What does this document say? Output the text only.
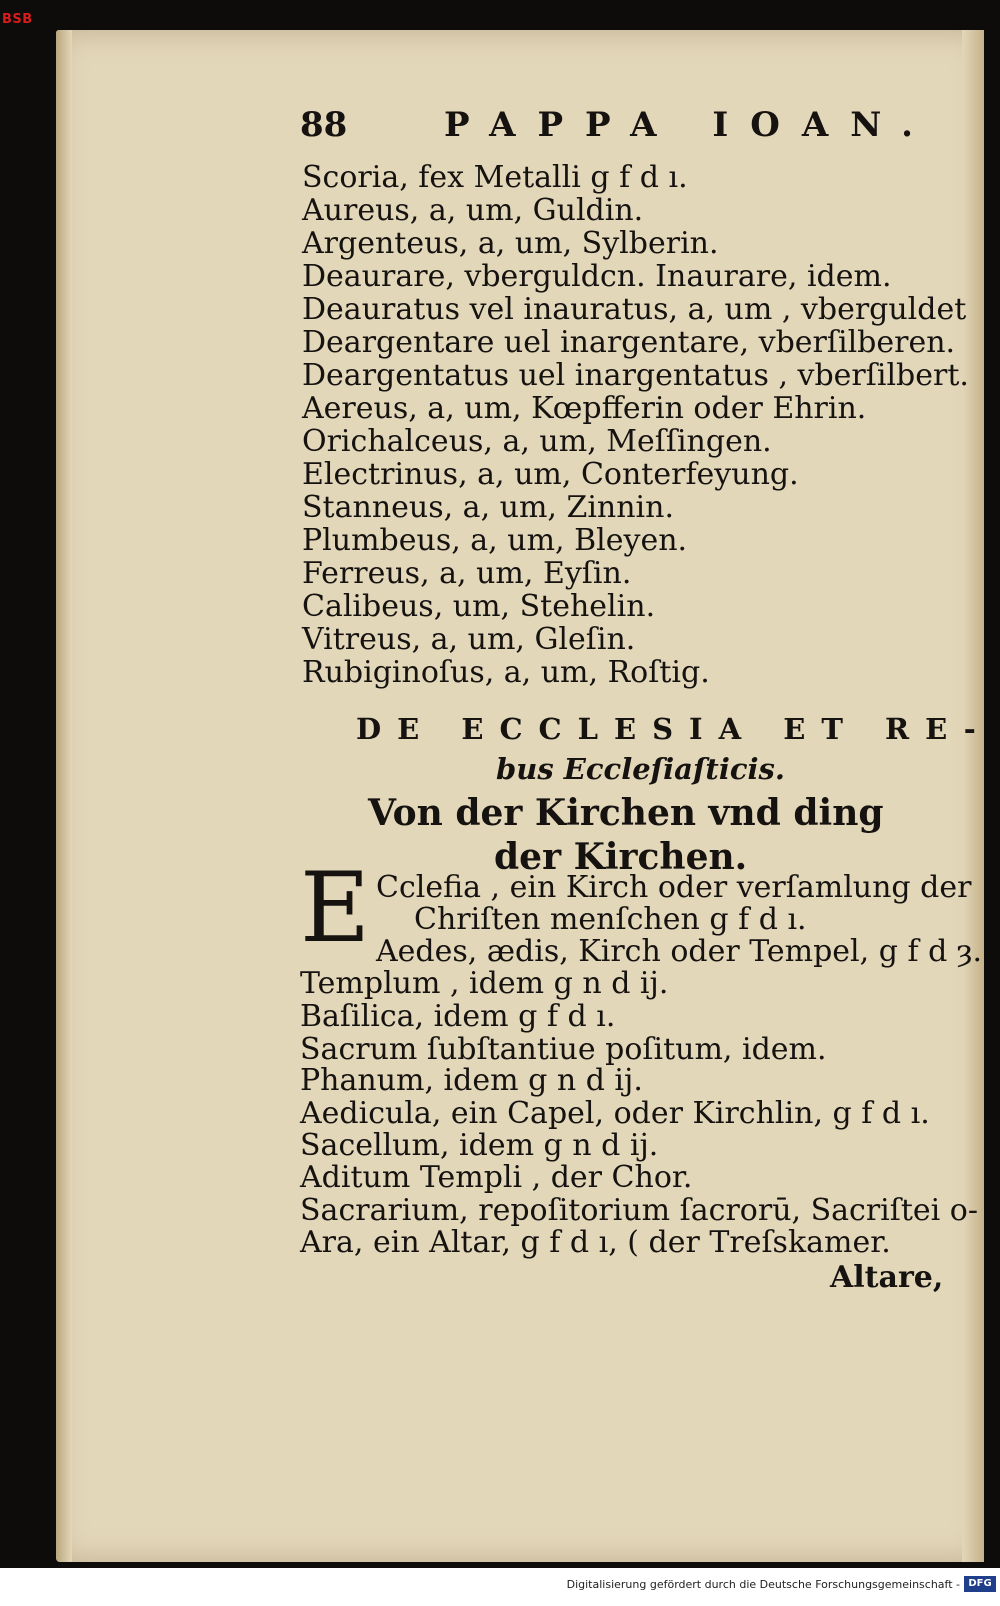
BSB
88	PAPPA IOAN.
Scoria, fex Metalli g f d ı.
Aureus, a, um, Guldin.
Argenteus, a, um, Sylberin.
Deaurare, vberguldcn. Inaurare, idem.
Deauratus vel inauratus, a, um , vberguldet
Deargentare uel inargentare, vberſilberen.
Deargentatus uel inargentatus , vberſilbert.
Aereus, a, um, Kœpfferin oder Ehrin.
Orichalceus, a, um, Meſſingen.
Electrinus, a, um, Conterfeyung.
Stanneus, a, um, Zinnin.
Plumbeus, a, um, Bleyen.
Ferreus, a, um, Eyſin.
Calibeus, um, Stehelin.
Vitreus, a, um, Gleſin.
Rubiginoſus, a, um, Roſtig.
DE ECCLESIA ET RE-
bus Eccleſiaſticis.
Von der Kirchen vnd ding
der Kirchen.
E Cclefia , ein Kirch oder verſamlung der
Chriſten menſchen g f d ı.
Aedes, ædis, Kirch oder Tempel, g f d ȝ.
Templum , idem g n d ij.
Baſilica, idem g f d ı.
Sacrum ſubſtantiue poſitum, idem.
Phanum, idem g n d ij.
Aedicula, ein Capel, oder Kirchlin, g f d ı.
Sacellum, idem g n d ij.
Aditum Templi , der Chor.
Sacrarium, repoſitorium ſacrorū, Sacriſtei o-
Ara, ein Altar, g f d ı, ( der Treſskamer.
Altare,
Digitalisierung gefördert durch die Deutsche Forschungsgemeinschaft - DFG
